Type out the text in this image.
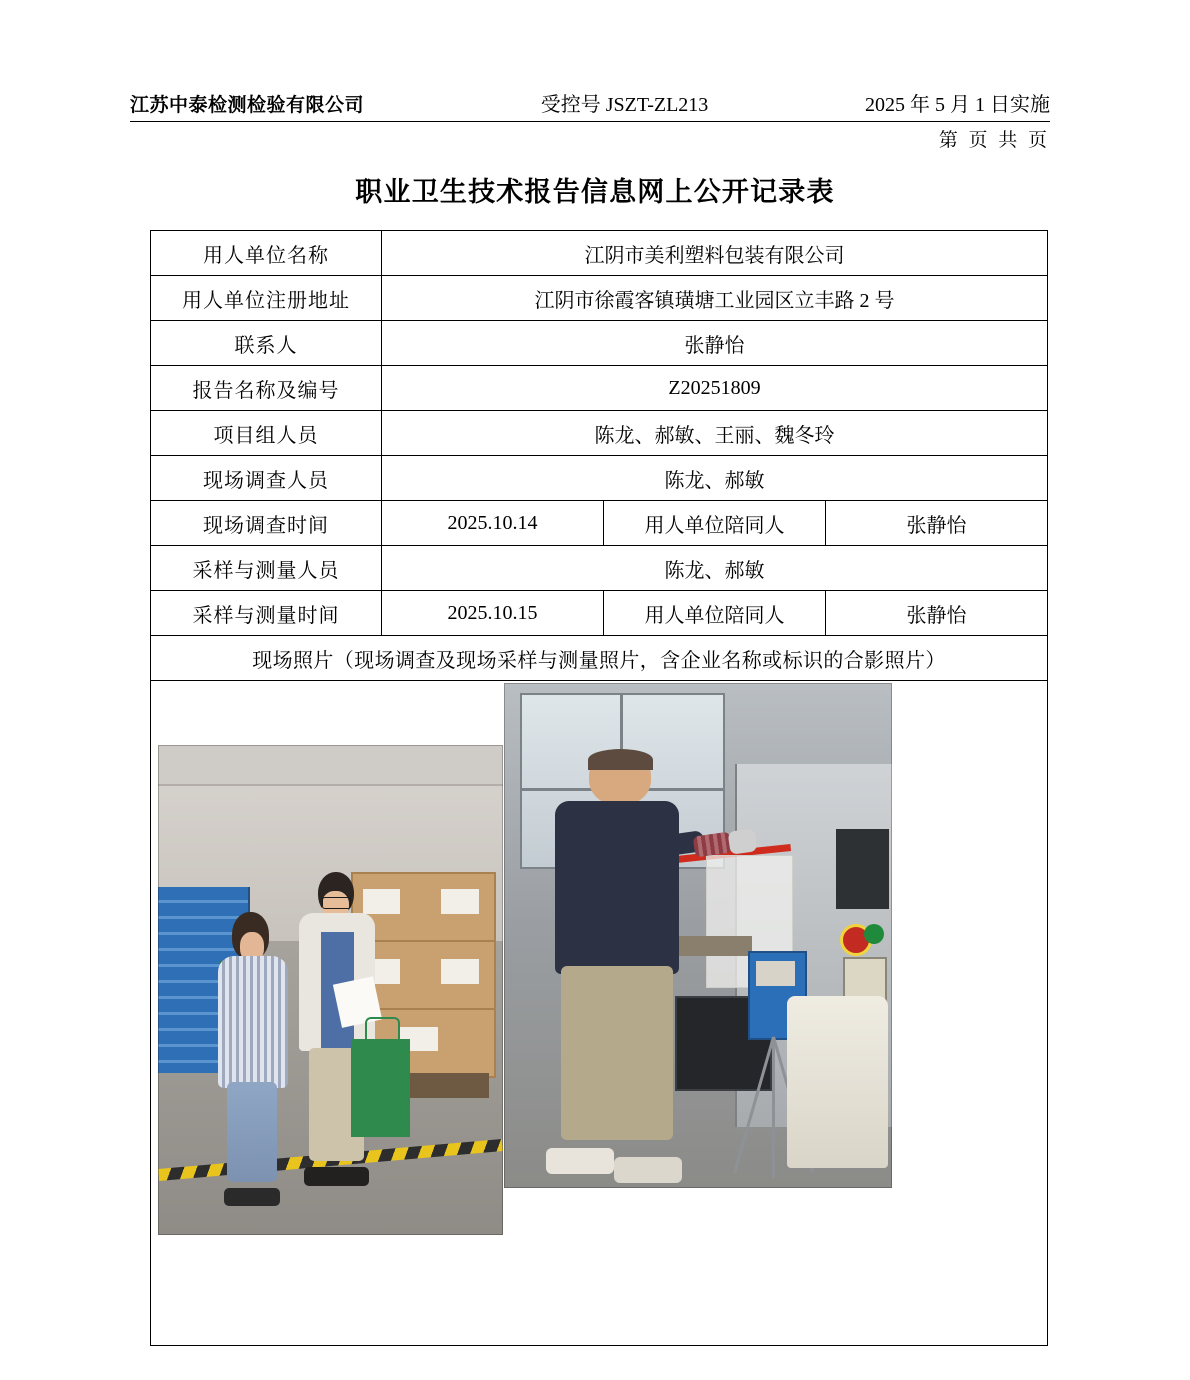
江苏中泰检测检验有限公司	受控号 JSZT-ZL213	2025 年 5 月 1 日实施
第 页 共 页
职业卫生技术报告信息网上公开记录表
用人单位名称	江阴市美利塑料包装有限公司		
用人单位注册地址	江阴市徐霞客镇璜塘工业园区立丰路 2 号		
联系人	张静怡		
报告名称及编号	Z20251809		
项目组人员	陈龙、郝敏、王丽、魏冬玲		
现场调查人员	陈龙、郝敏		
现场调查时间	2025.10.14	用人单位陪同人	张静怡
采样与测量人员	陈龙、郝敏		
采样与测量时间	2025.10.15	用人单位陪同人	张静怡
现场照片（现场调查及现场采样与测量照片，含企业名称或标识的合影照片）			
